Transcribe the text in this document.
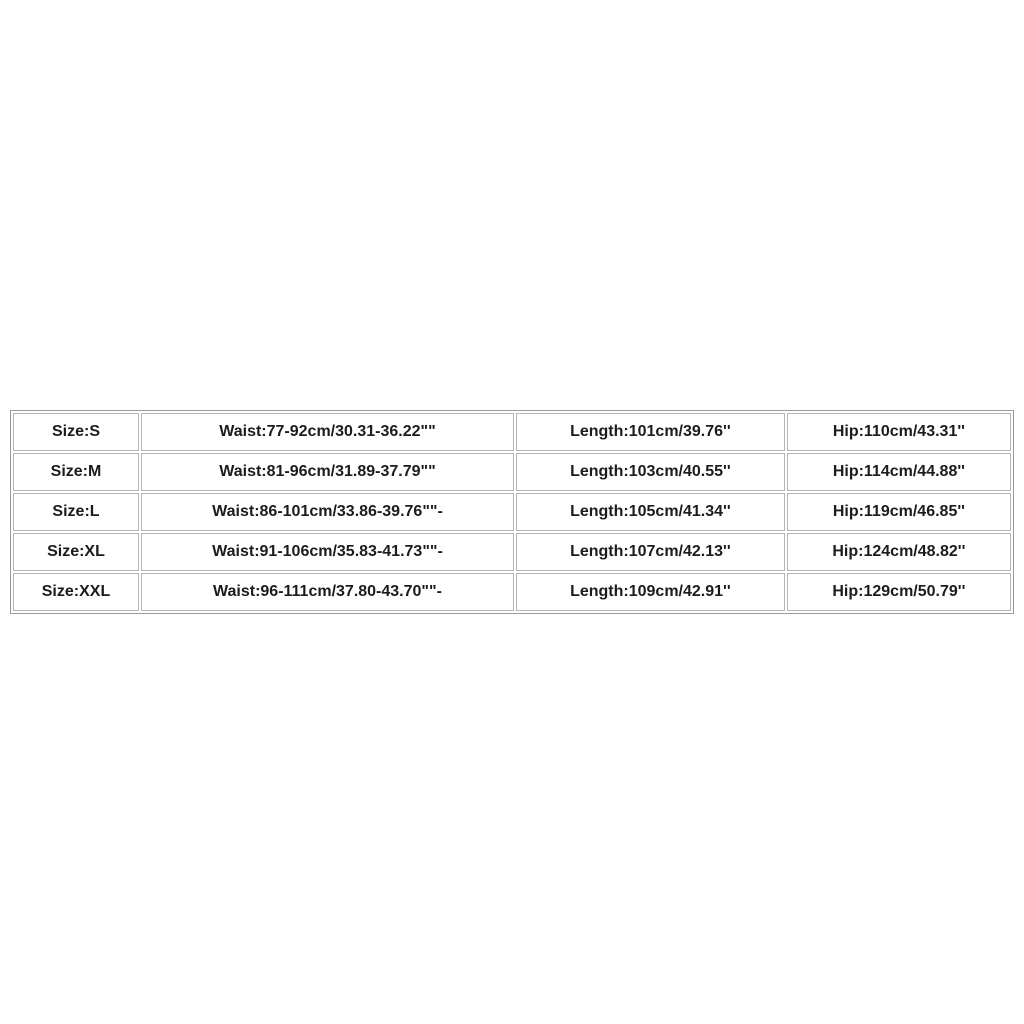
Size:S	Waist:77-92cm/30.31-36.22""	Length:101cm/39.76''	Hip:110cm/43.31''
Size:M	Waist:81-96cm/31.89-37.79""	Length:103cm/40.55''	Hip:114cm/44.88''
Size:L	Waist:86-101cm/33.86-39.76""-	Length:105cm/41.34''	Hip:119cm/46.85''
Size:XL	Waist:91-106cm/35.83-41.73""-	Length:107cm/42.13''	Hip:124cm/48.82''
Size:XXL	Waist:96-111cm/37.80-43.70""-	Length:109cm/42.91''	Hip:129cm/50.79''
